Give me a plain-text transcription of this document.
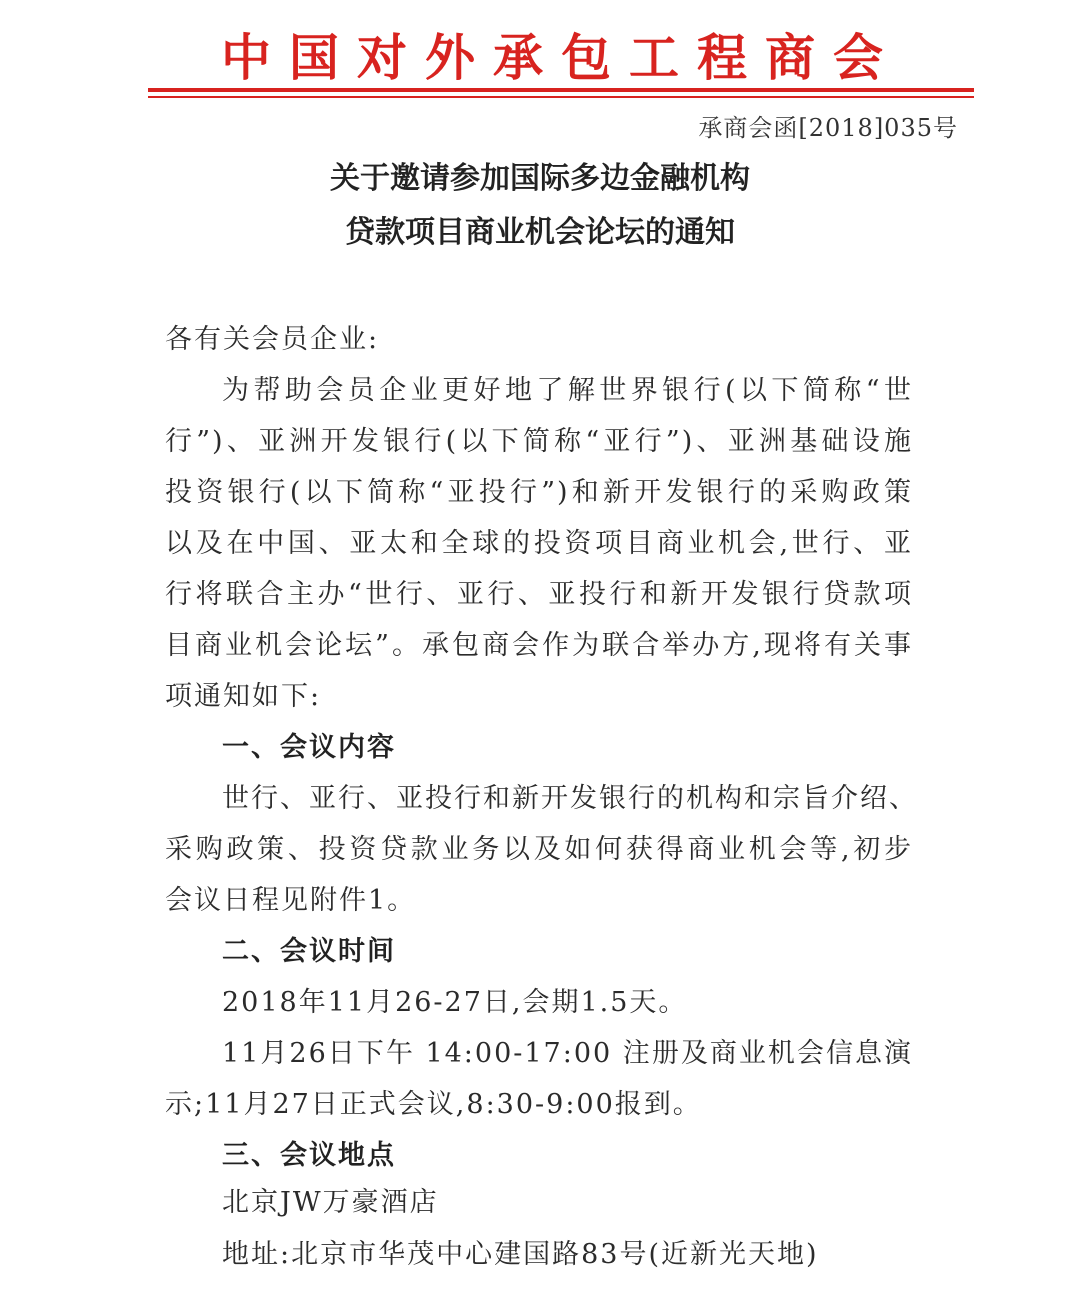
中国对外承包工程商会
承商会函[2018]035号
关于邀请参加国际多边金融机构
贷款项目商业机会论坛的通知
各有关会员企业:
为帮助会员企业更好地了解世界银行(以下简称“世
行”)、亚洲开发银行(以下简称“亚行”)、亚洲基础设施
投资银行(以下简称“亚投行”)和新开发银行的采购政策
以及在中国、亚太和全球的投资项目商业机会,世行、亚
行将联合主办“世行、亚行、亚投行和新开发银行贷款项
目商业机会论坛”。承包商会作为联合举办方,现将有关事
项通知如下:
一、会议内容
世行、亚行、亚投行和新开发银行的机构和宗旨介绍、
采购政策、投资贷款业务以及如何获得商业机会等,初步
会议日程见附件1。
二、会议时间
2018年11月26-27日,会期1.5天。
11月26日下午 14:00-17:00 注册及商业机会信息演
示;11月27日正式会议,8:30-9:00报到。
三、会议地点
北京JW万豪酒店
地址:北京市华茂中心建国路83号(近新光天地)
